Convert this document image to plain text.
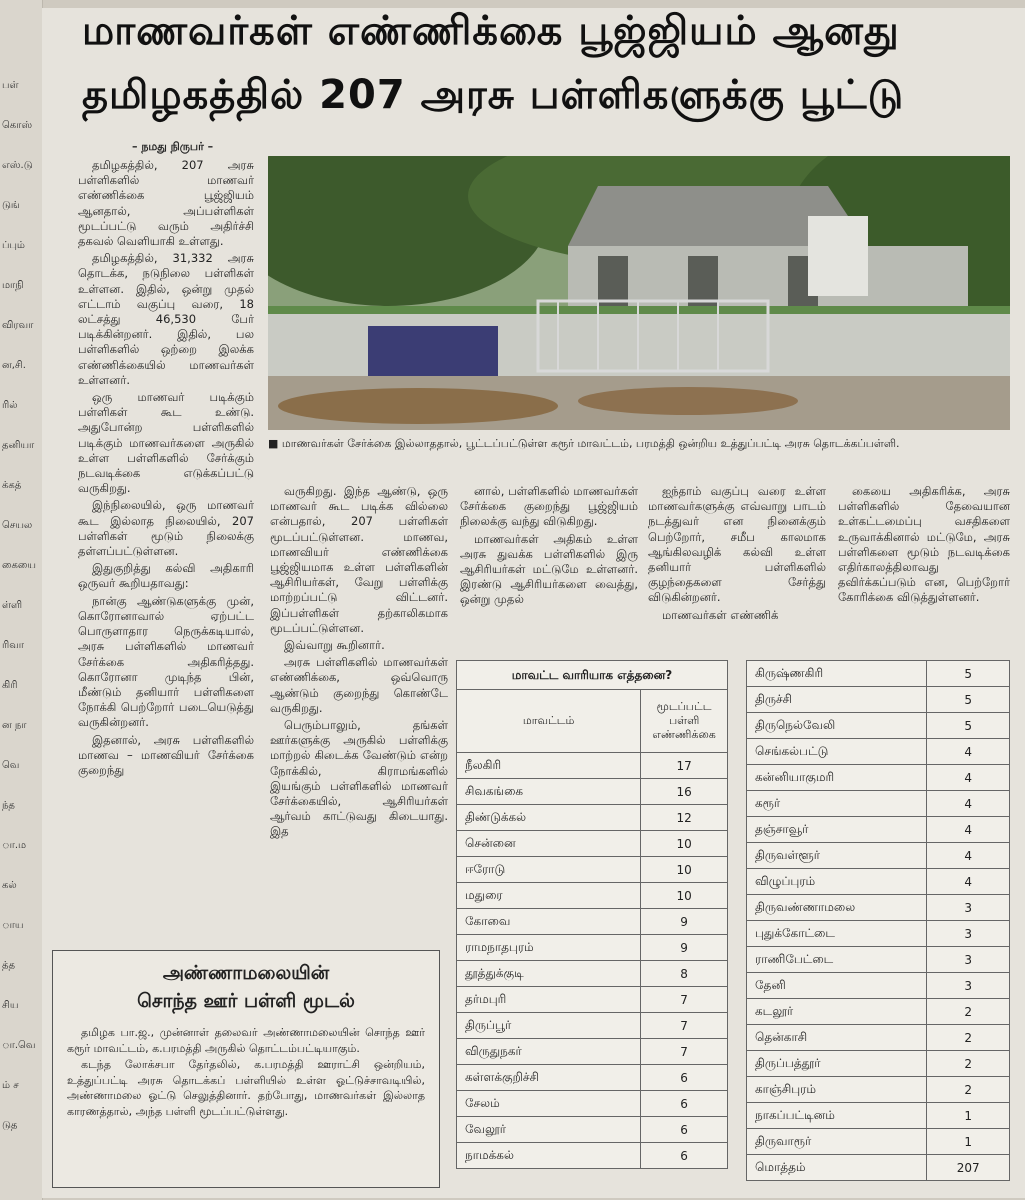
பள்
கொஸ்
எஸ்.டு
டுங்
ப்பும்
மாநி
விரவா
ன,சி.
ரில்
தனியா
க்கத்
செயல
கையை
ள்ளி
ரிவா
கிரி
ன நா
வெ
ந்த
ா.ம
கல்
ாய
த்த
சிய
ா.வெ
ம் ச
டுத
மாணவர்கள் எண்ணிக்கை பூஜ்ஜியம் ஆனது
தமிழகத்தில் 207 அரசு பள்ளிகளுக்கு பூட்டு
– நமது நிருபர் –

தமிழகத்தில், 207 அரசு பள்ளிகளில் மாணவர் எண்ணிக்கை பூஜ்ஜியம் ஆனதால், அப்பள்ளிகள் மூடப்பட்டு வரும் அதிர்ச்சி தகவல் வெளியாகி உள்ளது.

தமிழகத்தில், 31,332 அரசு தொடக்க, நடுநிலை பள்ளிகள் உள்ளன. இதில், ஒன்று முதல் எட்டாம் வகுப்பு வரை, 18 லட்சத்து 46,530 பேர் படிக்கின்றனர். இதில், பல பள்ளிகளில் ஒற்றை இலக்க எண்ணிக்கையில் மாணவர்கள் உள்ளனர்.

ஒரு மாணவர் படிக்கும் பள்ளிகள் கூட உண்டு. அதுபோன்ற பள்ளிகளில் படிக்கும் மாணவர்களை அருகில் உள்ள பள்ளிகளில் சேர்க்கும் நடவடிக்கை எடுக்கப்பட்டு வருகிறது.

இந்நிலையில், ஒரு மாணவர் கூட இல்லாத நிலையில், 207 பள்ளிகள் மூடும் நிலைக்கு தள்ளப்பட்டுள்ளன.

இதுகுறித்து கல்வி அதிகாரி ஒருவர் கூறியதாவது:

நான்கு ஆண்டுகளுக்கு முன், கொரோனாவால் ஏற்பட்ட பொருளாதார நெருக்கடியால், அரசு பள்ளிகளில் மாணவர் சேர்க்கை அதிகரித்தது. கொரோனா முடிந்த பின், மீண்டும் தனியார் பள்ளிகளை நோக்கி பெற்றோர் படையெடுத்து வருகின்றனர்.

இதனால், அரசு பள்ளிகளில் மாணவ – மாணவியர் சேர்க்கை குறைந்து

■ மாணவர்கள் சேர்க்கை இல்லாததால், பூட்டப்பட்டுள்ள கரூர் மாவட்டம், பரமத்தி ஒன்றிய உத்துப்பட்டி அரசு தொடக்கப்பள்ளி.

வருகிறது. இந்த ஆண்டு, ஒரு மாணவர் கூட படிக்க வில்லை என்பதால், 207 பள்ளிகள் மூடப்பட்டுள்ளன. மாணவ, மாணவியர் எண்ணிக்கை பூஜ்ஜியமாக உள்ள பள்ளிகளின் ஆசிரியர்கள், வேறு பள்ளிக்கு மாற்றப்பட்டு விட்டனர். இப்பள்ளிகள் தற்காலிகமாக மூடப்பட்டுள்ளன.

இவ்வாறு கூறினார்.

அரசு பள்ளிகளில் மாணவர்கள் எண்ணிக்கை, ஒவ்வொரு ஆண்டும் குறைந்து கொண்டே வருகிறது.

பெரும்பாலும், தங்கள் ஊர்களுக்கு அருகில் பள்ளிக்கு மாற்றல் கிடைக்க வேண்டும் என்ற நோக்கில், கிராமங்களில் இயங்கும் பள்ளிகளில் மாணவர் சேர்க்கையில், ஆசிரியர்கள் ஆர்வம் காட்டுவது கிடையாது. இத

னால், பள்ளிகளில் மாணவர்கள் சேர்க்கை குறைந்து பூஜ்ஜியம் நிலைக்கு வந்து விடுகிறது.

மாணவர்கள் அதிகம் உள்ள அரசு துவக்க பள்ளிகளில் இரு ஆசிரியர்கள் மட்டுமே உள்ளனர். இரண்டு ஆசிரியர்களை வைத்து, ஒன்று முதல்

ஐந்தாம் வகுப்பு வரை உள்ள மாணவர்களுக்கு எவ்வாறு பாடம் நடத்துவர் என நினைக்கும் பெற்றோர், சமீப காலமாக ஆங்கிலவழிக் கல்வி உள்ள தனியார் பள்ளிகளில் குழந்தைகளை சேர்த்து விடுகின்றனர்.

மாணவர்கள் எண்ணிக்

கையை அதிகரிக்க, அரசு பள்ளிகளில் தேவையான உள்கட்டமைப்பு வசதிகளை உருவாக்கினால் மட்டுமே, அரசு பள்ளிகளை மூடும் நடவடிக்கை எதிர்காலத்திலாவது தவிர்க்கப்படும் என, பெற்றோர் கோரிக்கை விடுத்துள்ளனர்.

அண்ணாமலையின்
சொந்த ஊர் பள்ளி மூடல்

தமிழக பா.ஜ., முன்னாள் தலைவர் அண்ணாமலையின் சொந்த ஊர் கரூர் மாவட்டம், க.பரமத்தி அருகில் தொட்டம்பட்டியாகும்.

கடந்த லோக்சபா தேர்தலில், க.பரமத்தி ஊராட்சி ஒன்றியம், உத்துப்பட்டி அரசு தொடக்கப் பள்ளியில் உள்ள ஓட்டுச்சாவடியில், அண்ணாமலை ஓட்டு செலுத்தினார். தற்போது, மாணவர்கள் இல்லாத காரணத்தால், அந்த பள்ளி மூடப்பட்டுள்ளது.

மாவட்ட வாரியாக எத்தனை?	
மாவட்டம்	மூடப்பட்ட பள்ளி எண்ணிக்கை
நீலகிரி	17
சிவகங்கை	16
திண்டுக்கல்	12
சென்னை	10
ஈரோடு	10
மதுரை	10
கோவை	9
ராமநாதபுரம்	9
தூத்துக்குடி	8
தர்மபுரி	7
திருப்பூர்	7
விருதுநகர்	7
கள்ளக்குறிச்சி	6
சேலம்	6
வேலூர்	6
நாமக்கல்	6
கிருஷ்ணகிரி	5
திருச்சி	5
திருநெல்வேலி	5
செங்கல்பட்டு	4
கன்னியாகுமரி	4
கரூர்	4
தஞ்சாவூர்	4
திருவள்ளூர்	4
விழுப்புரம்	4
திருவண்ணாமலை	3
புதுக்கோட்டை	3
ராணிபேட்டை	3
தேனி	3
கடலூர்	2
தென்காசி	2
திருப்பத்தூர்	2
காஞ்சிபுரம்	2
நாகப்பட்டினம்	1
திருவாரூர்	1
மொத்தம்	207
